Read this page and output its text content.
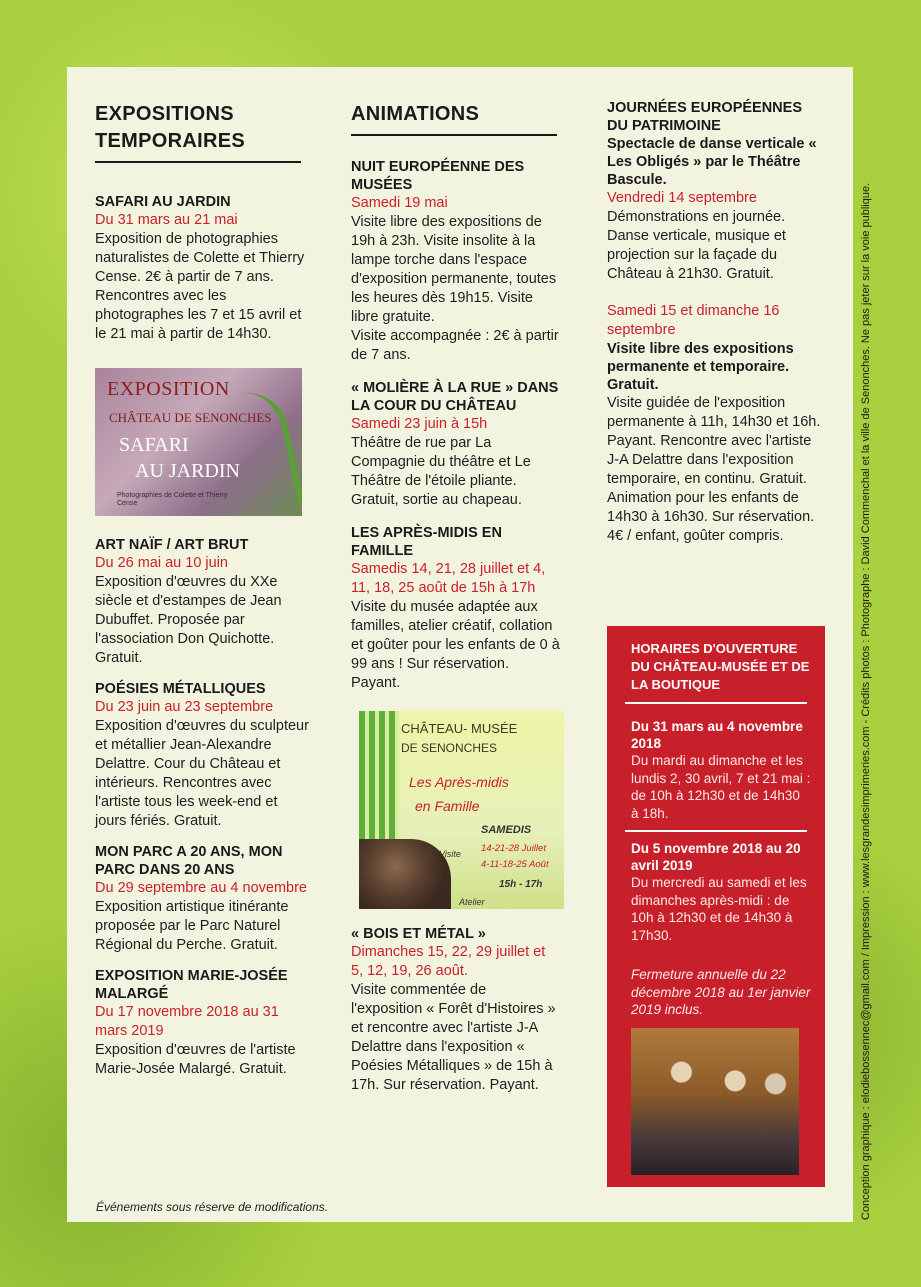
EXPOSITIONS
TEMPORAIRES
SAFARI AU JARDIN
Du 31 mars au 21 mai
Exposition de photographies naturalistes de Colette et Thierry Cense. 2€ à partir de 7 ans. Rencontres avec les photographes les 7 et 15 avril et le 21 mai à partir de 14h30.
EXPOSITION
CHÂTEAU DE SENONCHES
SAFARI
AU JARDIN
Photographies de Colette et Thierry Cense
ART NAÏF / ART BRUT
Du 26 mai au 10 juin
Exposition d'œuvres du XXe siècle et d'estampes de Jean Dubuffet. Proposée par l'association Don Quichotte. Gratuit.
POÉSIES MÉTALLIQUES
Du 23 juin au 23 septembre
Exposition d'œuvres du sculpteur et métallier Jean-Alexandre Delattre. Cour du Château et intérieurs. Rencontres avec l'artiste tous les week-end et jours fériés. Gratuit.
MON PARC A 20 ANS, MON PARC DANS 20 ANS
Du 29 septembre au 4 novembre
Exposition artistique itinérante proposée par le Parc Naturel Régional du Perche. Gratuit.
EXPOSITION MARIE-JOSÉE MALARGÉ
Du 17 novembre 2018 au 31 mars 2019
Exposition d'œuvres de l'artiste Marie-Josée Malargé. Gratuit.
ANIMATIONS
NUIT EUROPÉENNE DES MUSÉES
Samedi 19 mai
Visite libre des expositions de 19h à 23h. Visite insolite à la lampe torche dans l'espace d'exposition permanente, toutes les heures dès 19h15. Visite libre gratuite.
Visite accompagnée : 2€ à partir de 7 ans.
« MOLIÈRE À LA RUE » DANS LA COUR DU CHÂTEAU
Samedi 23 juin à 15h
Théâtre de rue par La Compagnie du théâtre et Le Théâtre de l'étoile pliante. Gratuit, sortie au chapeau.
LES APRÈS-MIDIS EN FAMILLE
Samedis 14, 21, 28 juillet et 4, 11, 18, 25 août de 15h à 17h
Visite du musée adaptée aux familles, atelier créatif, collation et goûter pour les enfants de 0 à 99 ans ! Sur réservation. Payant.
CHÂTEAU- MUSÉE
DE SENONCHES
Les Après-midis
en Famille
SAMEDIS
14-21-28 Juillet
4-11-18-25 Août
15h - 17h
Visite
Atelier
« BOIS ET MÉTAL »
Dimanches 15, 22, 29 juillet et 5, 12, 19, 26 août.
Visite commentée de l'exposition « Forêt d'Histoires » et rencontre avec l'artiste J-A Delattre dans l'exposition « Poésies Métalliques » de 15h à 17h. Sur réservation. Payant.
JOURNÉES EUROPÉENNES DU PATRIMOINE
Spectacle de danse verticale « Les Obligés » par le Théâtre Bascule.
Vendredi 14 septembre
Démonstrations en journée. Danse verticale, musique et projection sur la façade du Château à 21h30. Gratuit.
Samedi 15 et dimanche 16 septembre
Visite libre des expositions permanente et temporaire. Gratuit.
Visite guidée de l'exposition permanente à 11h, 14h30 et 16h. Payant. Rencontre avec l'artiste J-A Delattre dans l'exposition temporaire, en continu. Gratuit.
Animation pour les enfants de 14h30 à 16h30. Sur réservation. 4€ / enfant, goûter compris.
HORAIRES D'OUVERTURE DU CHÂTEAU-MUSÉE ET DE LA BOUTIQUE
Du 31 mars au 4 novembre 2018
Du mardi au dimanche et les lundis 2, 30 avril, 7 et 21 mai : de 10h à 12h30 et de 14h30 à 18h.
Du 5 novembre 2018 au 20 avril 2019
Du mercredi au samedi et les dimanches après-midi : de 10h à 12h30 et de 14h30 à 17h30.
Fermeture annuelle du 22 décembre 2018 au 1er janvier 2019 inclus.
Événements sous réserve de modifications.	Conception graphique : elodiebossennec@gmail.com / Impression : www.lesgrandesimprimeries.com - Crédits photos : Photographe : David Commenchal et la ville de Senonches. Ne pas jeter sur la voie publique.
